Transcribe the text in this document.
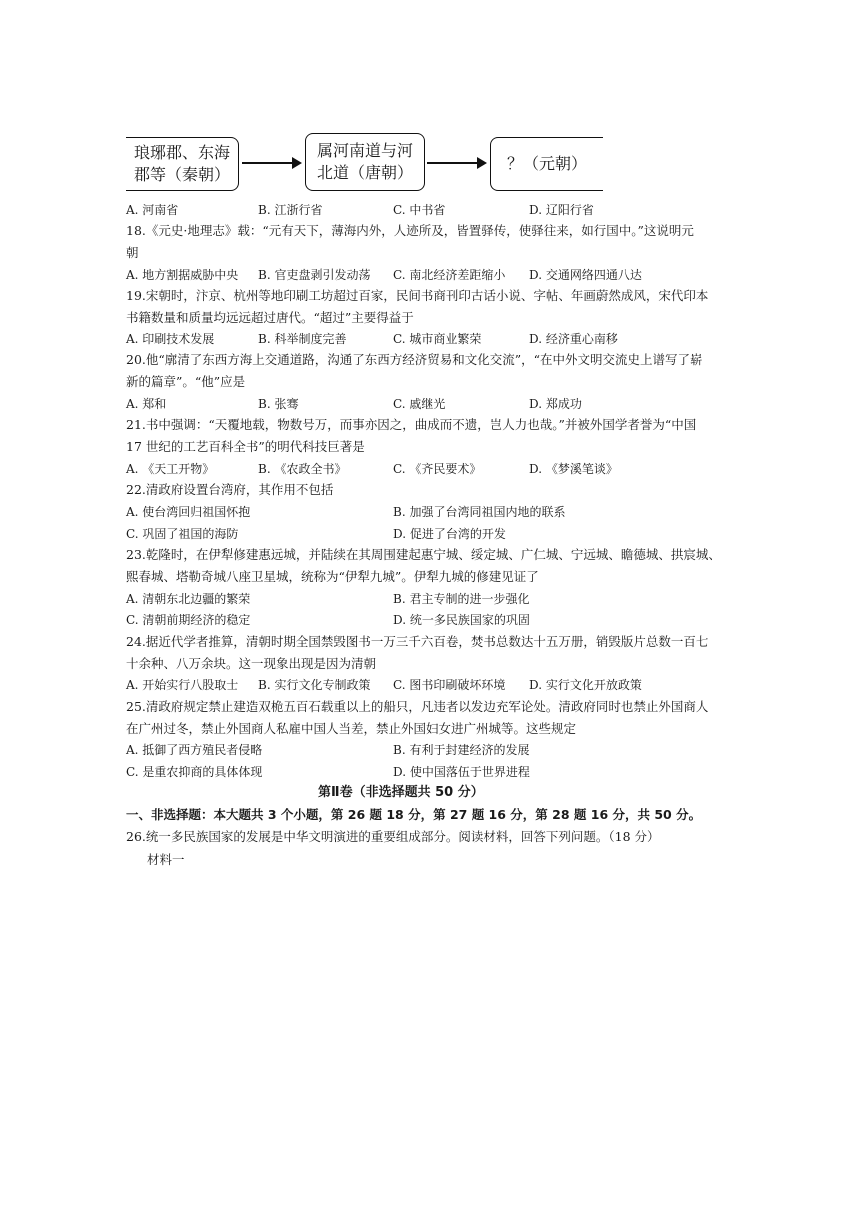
琅琊郡、东海
郡等（秦朝）
属河南道与河
北道（唐朝）	？（元朝）
A. 河南省	B. 江浙行省	C. 中书省	D. 辽阳行省
18.《元史·地理志》载：“元有天下，薄海内外，人迹所及，皆置驿传，使驿往来，如行国中。”这说明元
朝
A. 地方割据威胁中央 B. 官吏盘剥引发动荡 C. 南北经济差距缩小 D. 交通网络四通八达
19.宋朝时，汴京、杭州等地印刷工坊超过百家，民间书商刊印古话小说、字帖、年画蔚然成风，宋代印本
书籍数量和质量均远远超过唐代。“超过”主要得益于
A. 印刷技术发展	B. 科举制度完善	C. 城市商业繁荣	D. 经济重心南移
20.他“廓清了东西方海上交通道路，沟通了东西方经济贸易和文化交流”，“在中外文明交流史上谱写了崭
新的篇章”。“他”应是
A. 郑和	B. 张骞	C. 戚继光	D. 郑成功
21.书中强调：“天覆地载，物数号万，而事亦因之，曲成而不遗，岂人力也哉。”并被外国学者誉为“中国
17 世纪的工艺百科全书”的明代科技巨著是
A. 《天工开物》	B. 《农政全书》	C. 《齐民要术》	D. 《梦溪笔谈》
22.清政府设置台湾府，其作用不包括
A. 使台湾回归祖国怀抱	B. 加强了台湾同祖国内地的联系
C. 巩固了祖国的海防	D. 促进了台湾的开发
23.乾隆时，在伊犁修建惠远城，并陆续在其周围建起惠宁城、绥定城、广仁城、宁远城、瞻德城、拱宸城、
熙春城、塔勒奇城八座卫星城，统称为“伊犁九城”。伊犁九城的修建见证了
A. 清朝东北边疆的繁荣	B. 君主专制的进一步强化
C. 清朝前期经济的稳定	D. 统一多民族国家的巩固
24.据近代学者推算，清朝时期全国禁毁图书一万三千六百卷，焚书总数达十五万册，销毁版片总数一百七
十余种、八万余块。这一现象出现是因为清朝
A. 开始实行八股取士 B. 实行文化专制政策 C. 图书印刷破坏环境 D. 实行文化开放政策
25.清政府规定禁止建造双桅五百石载重以上的船只，凡违者以发边充军论处。清政府同时也禁止外国商人
在广州过冬，禁止外国商人私雇中国人当差，禁止外国妇女进广州城等。这些规定
A. 抵御了西方殖民者侵略	B. 有利于封建经济的发展
C. 是重农抑商的具体体现	D. 使中国落伍于世界进程
第Ⅱ卷（非选择题共 50 分）
一、非选择题：本大题共 3 个小题，第 26 题 18 分，第 27 题 16 分，第 28 题 16 分，共 50 分。
26.统一多民族国家的发展是中华文明演进的重要组成部分。阅读材料，回答下列问题。（18 分）
材料一
